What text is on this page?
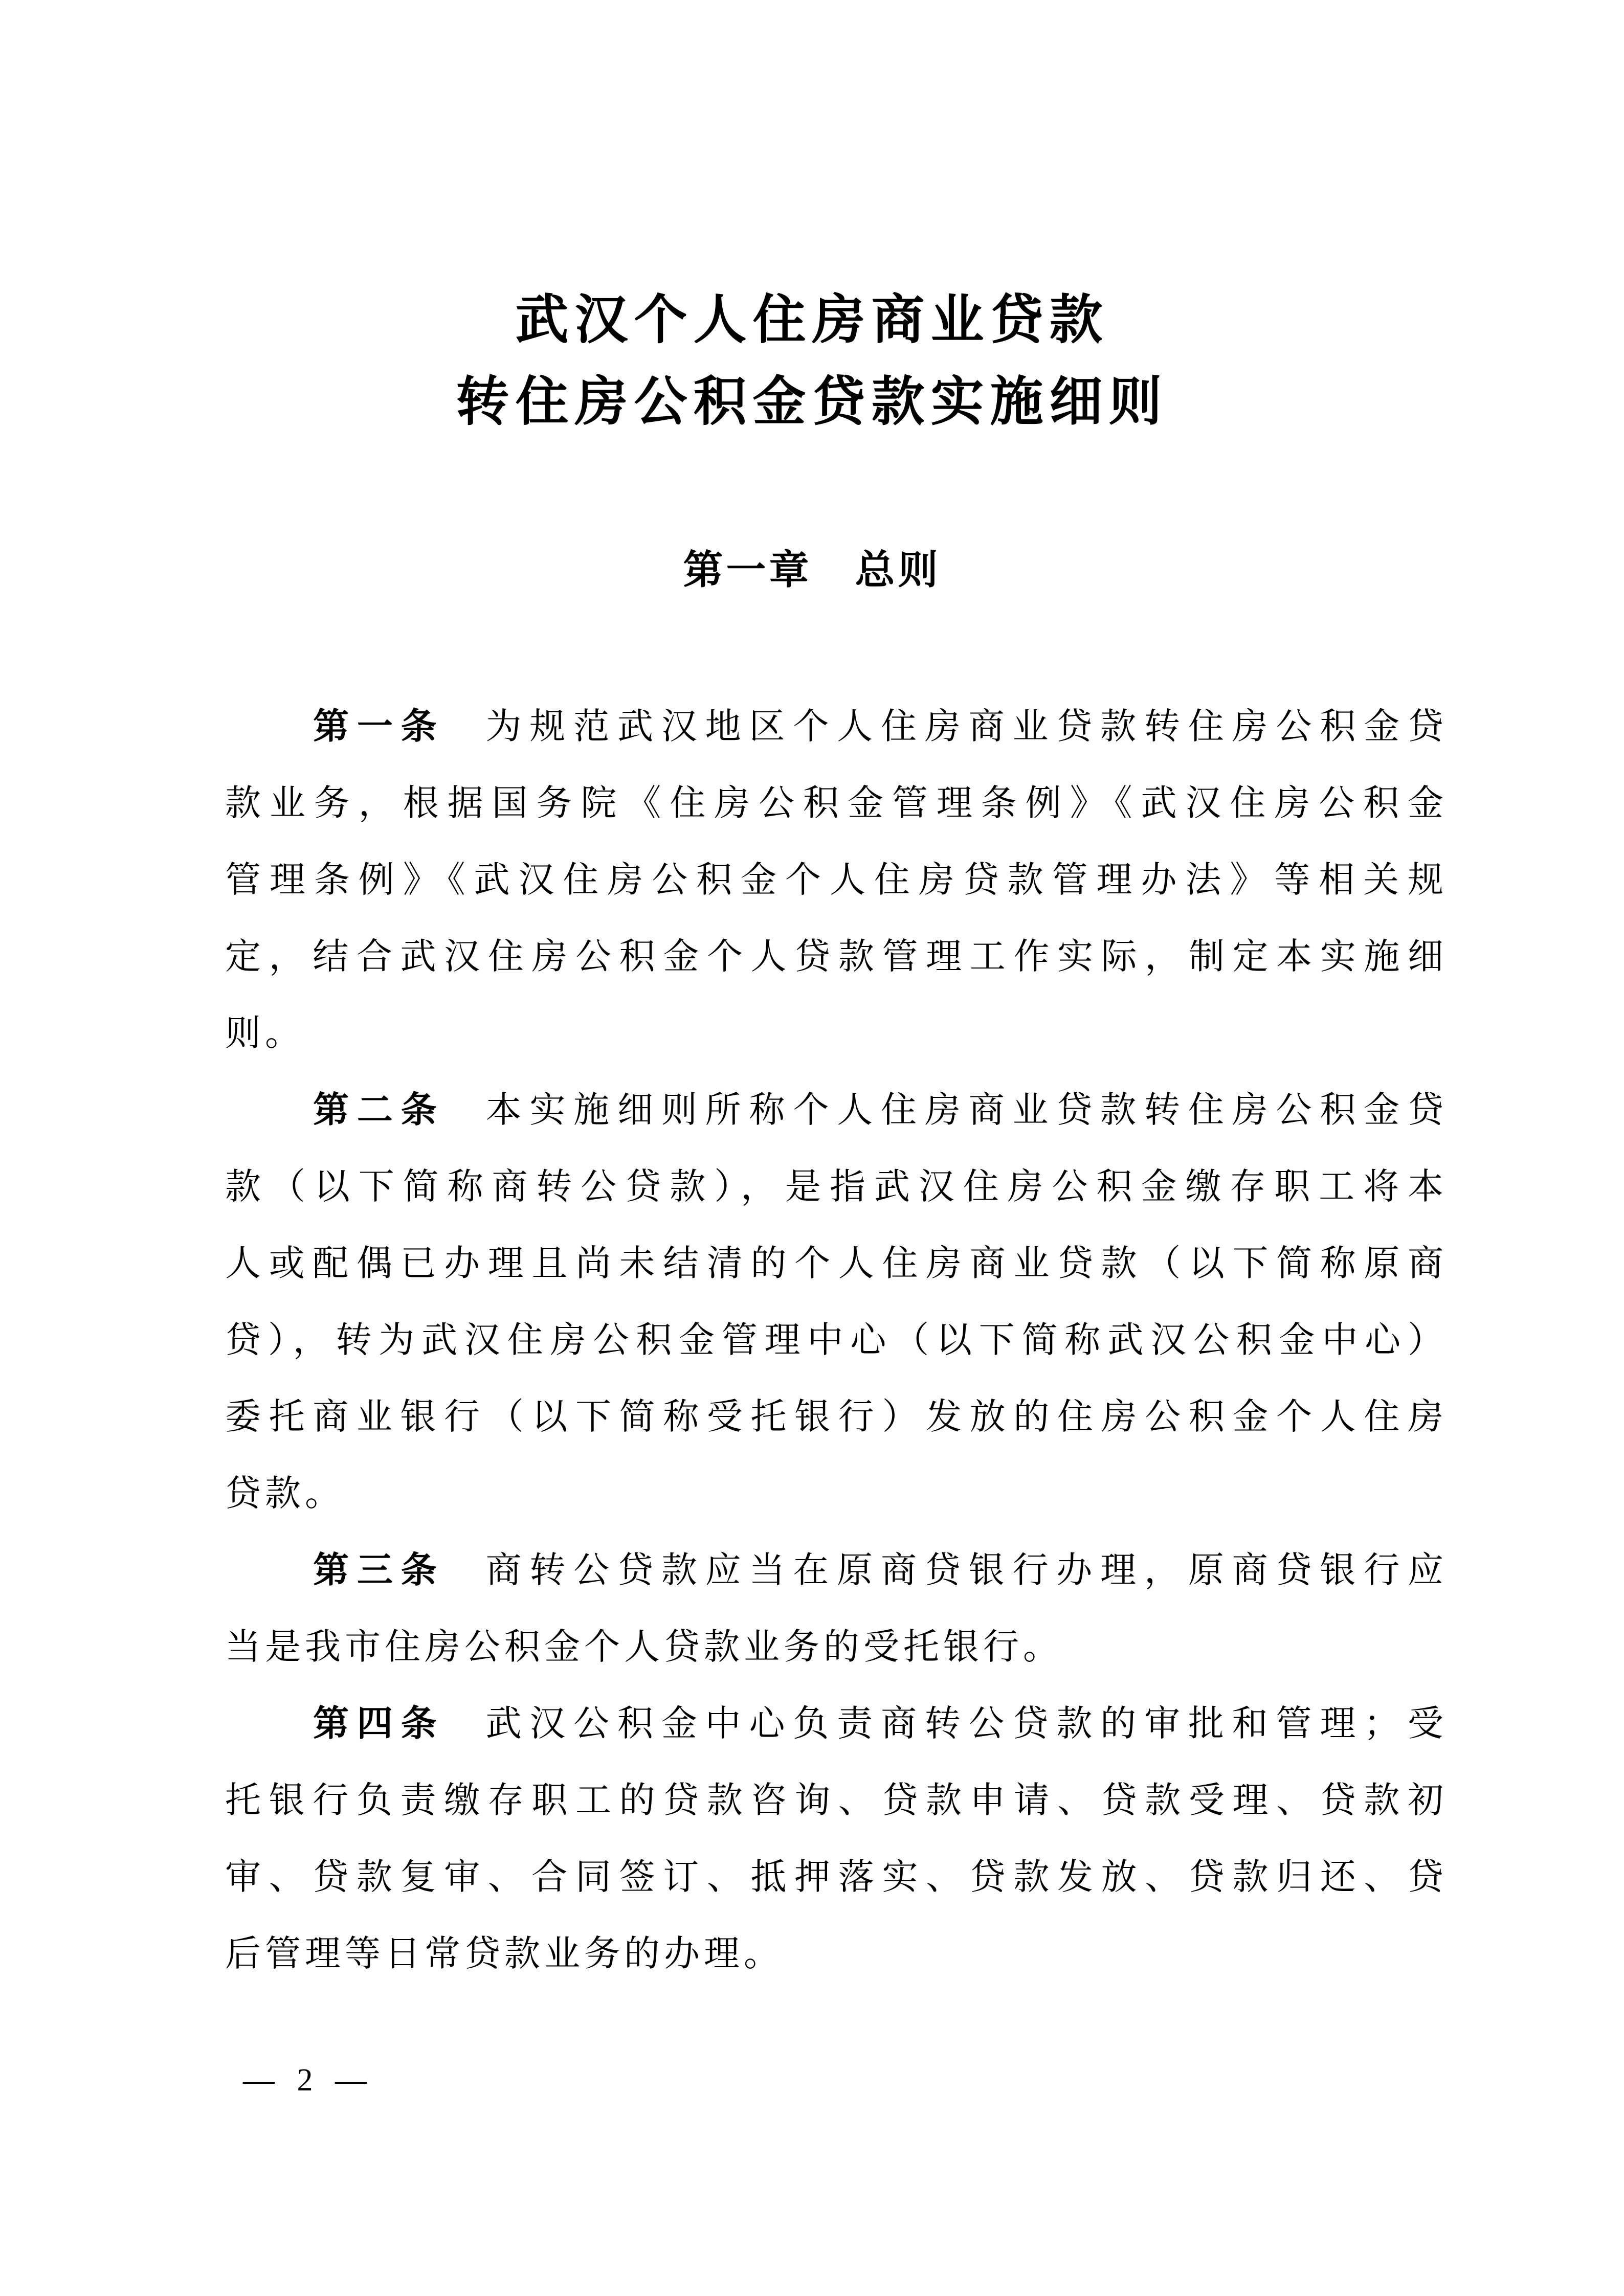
武汉个人住房商业贷款
转住房公积金贷款实施细则
第一章　总则
第一条 为规范武汉地区个人住房商业贷款转住房公积金贷
款业务，根据国务院《住房公积金管理条例》《武汉住房公积金
管理条例》《武汉住房公积金个人住房贷款管理办法》等相关规
定，结合武汉住房公积金个人贷款管理工作实际，制定本实施细
则。
第二条 本实施细则所称个人住房商业贷款转住房公积金贷
款（以下简称商转公贷款），是指武汉住房公积金缴存职工将本
人或配偶已办理且尚未结清的个人住房商业贷款（以下简称原商
贷），转为武汉住房公积金管理中心（以下简称武汉公积金中心）
委托商业银行（以下简称受托银行）发放的住房公积金个人住房
贷款。
第三条 商转公贷款应当在原商贷银行办理，原商贷银行应
当是我市住房公积金个人贷款业务的受托银行。
第四条 武汉公积金中心负责商转公贷款的审批和管理；受
托银行负责缴存职工的贷款咨询、贷款申请、贷款受理、贷款初
审、贷款复审、合同签订、抵押落实、贷款发放、贷款归还、贷
后管理等日常贷款业务的办理。
— 2 —
